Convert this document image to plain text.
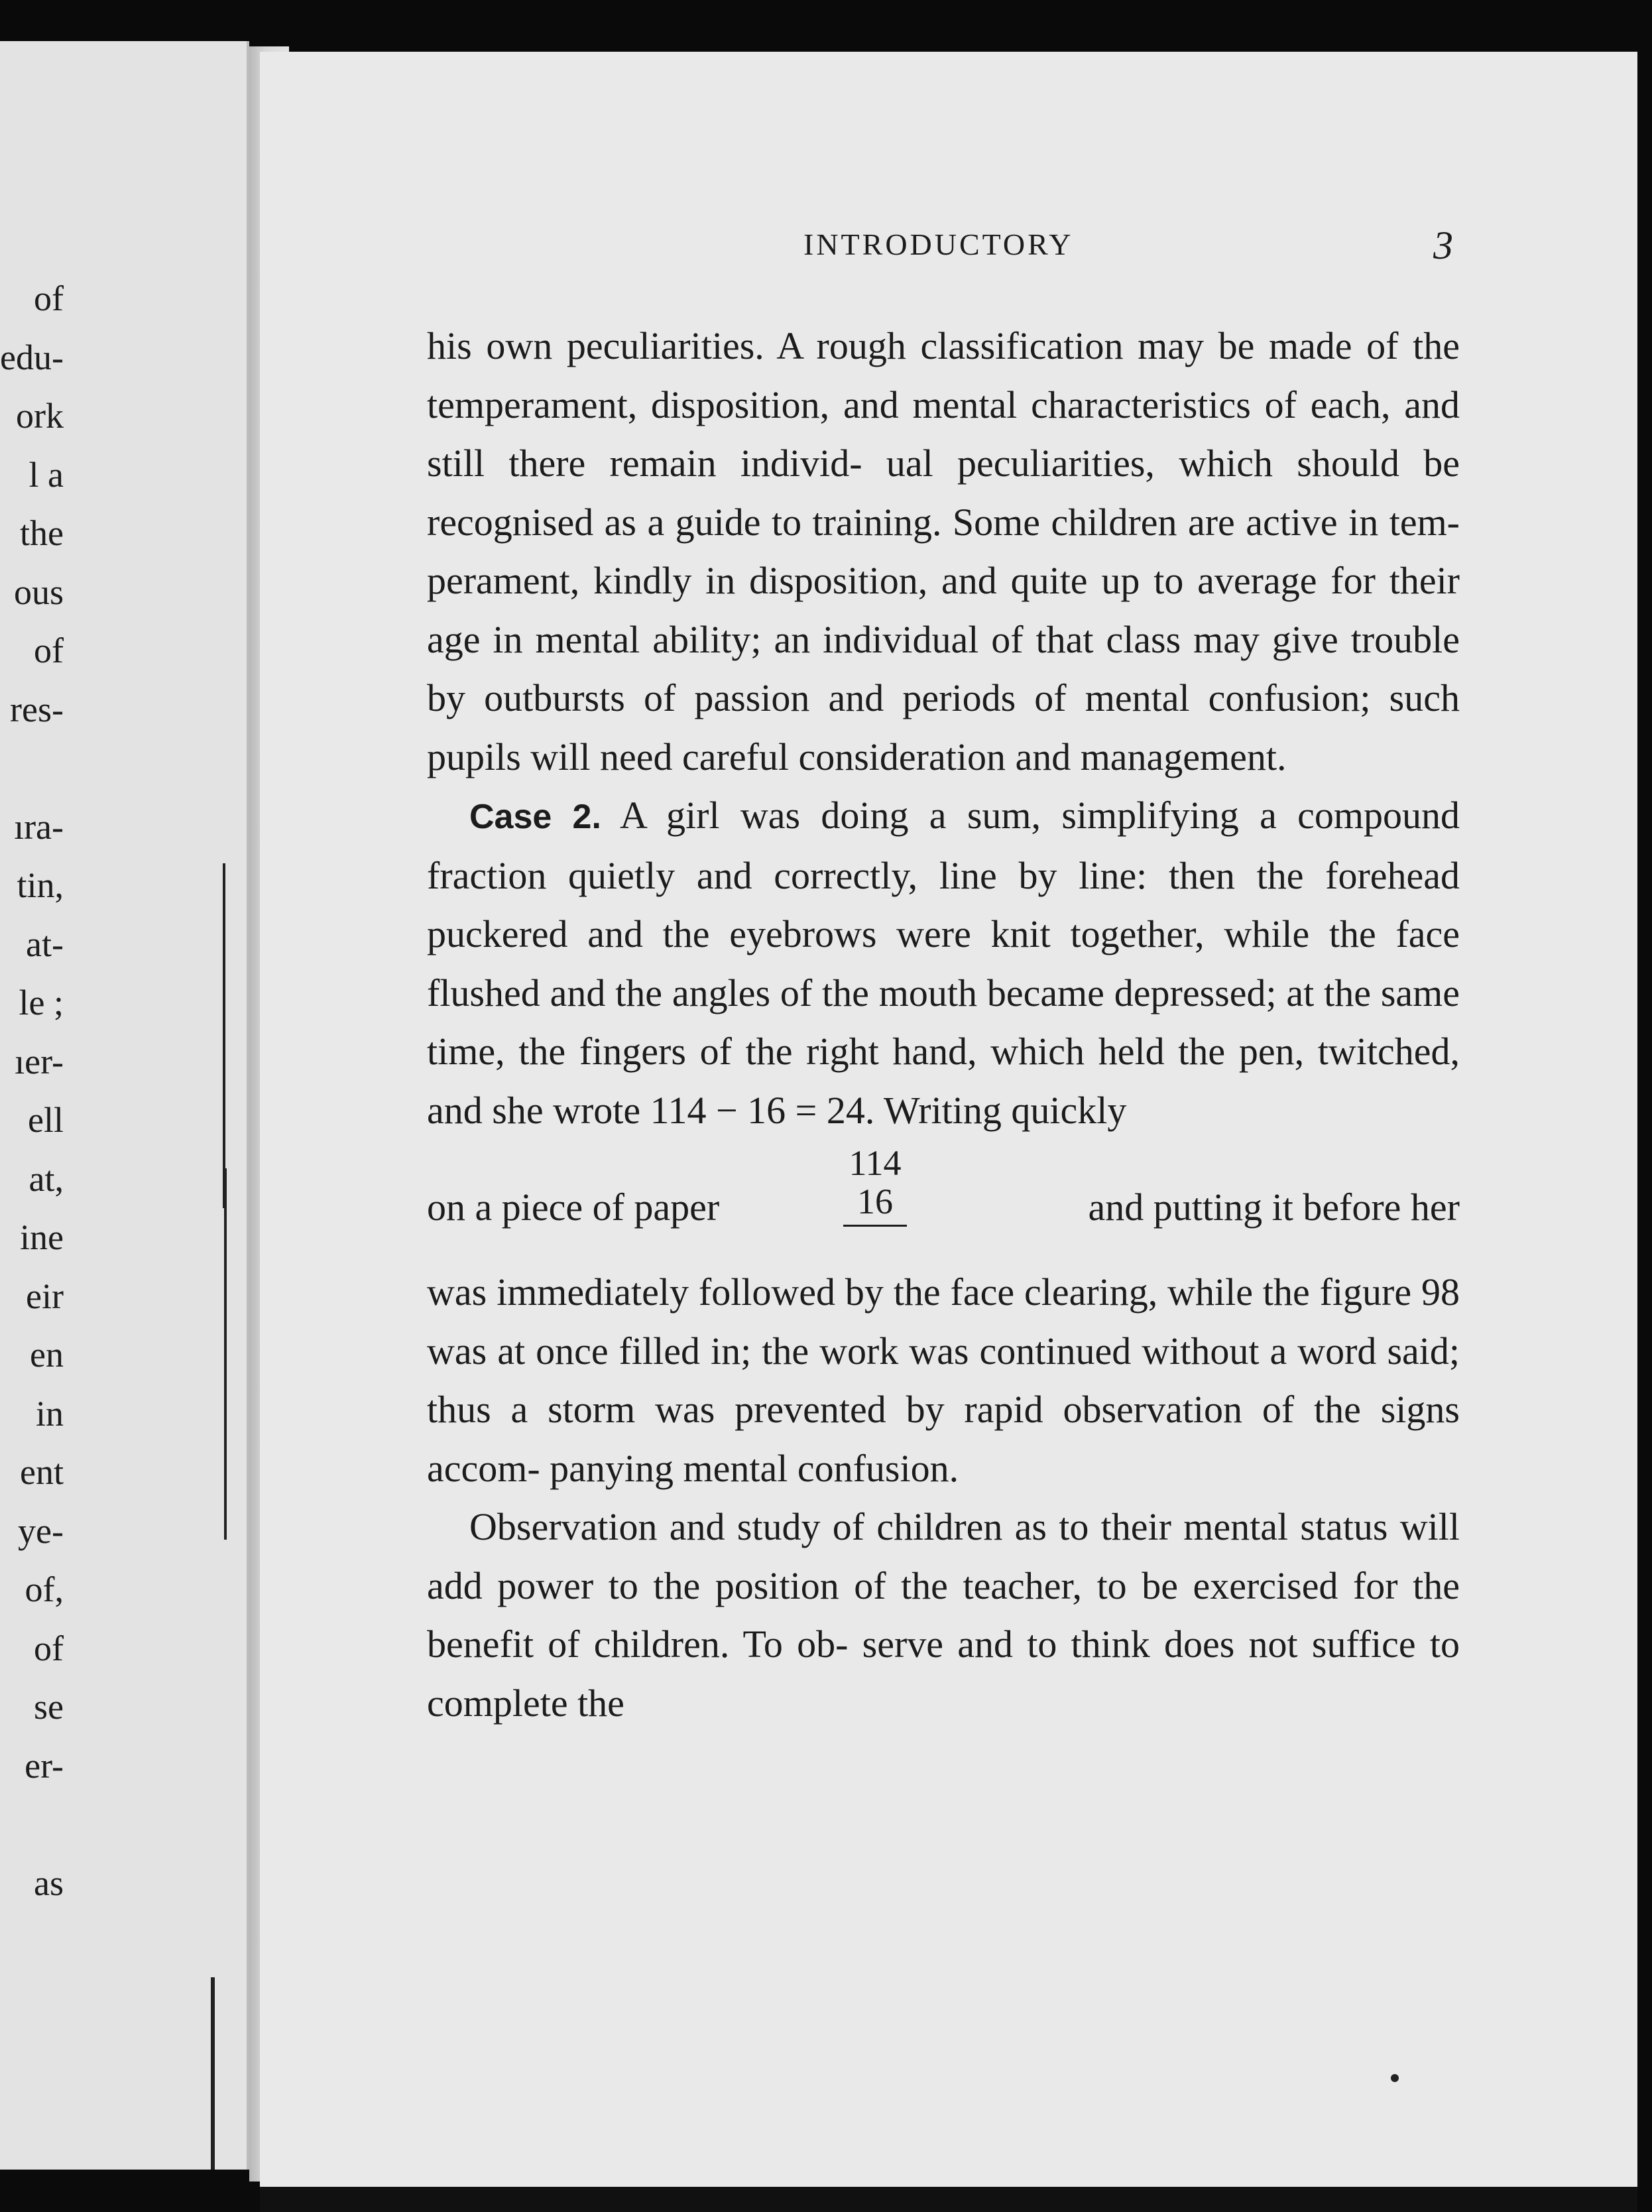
of
edu-
ork
l a
the
ous
of
res-
ıra-
tin,
at-
le ;
ıer-
ell
at,
ine
eir
en
in
ent
ye-
of,
of
se
er-
as
INTRODUCTORY	3

his own peculiarities. A rough classification may be made of the temperament, disposition, and mental characteristics of each, and still there remain individ- ual peculiarities, which should be recognised as a guide to training. Some children are active in tem- perament, kindly in disposition, and quite up to average for their age in mental ability; an individual of that class may give trouble by outbursts of passion and periods of mental confusion; such pupils will need careful consideration and management.

Case 2. A girl was doing a sum, simplifying a compound fraction quietly and correctly, line by line: then the forehead puckered and the eyebrows were knit together, while the face flushed and the angles of the mouth became depressed; at the same time, the fingers of the right hand, which held the pen, twitched, and she wrote 114 − 16 = 24. Writing quickly

on a piece of paper
114
16	and putting it before her

was immediately followed by the face clearing, while the figure 98 was at once filled in; the work was continued without a word said; thus a storm was prevented by rapid observation of the signs accom- panying mental confusion.

Observation and study of children as to their mental status will add power to the position of the teacher, to be exercised for the benefit of children. To ob- serve and to think does not suffice to complete the
